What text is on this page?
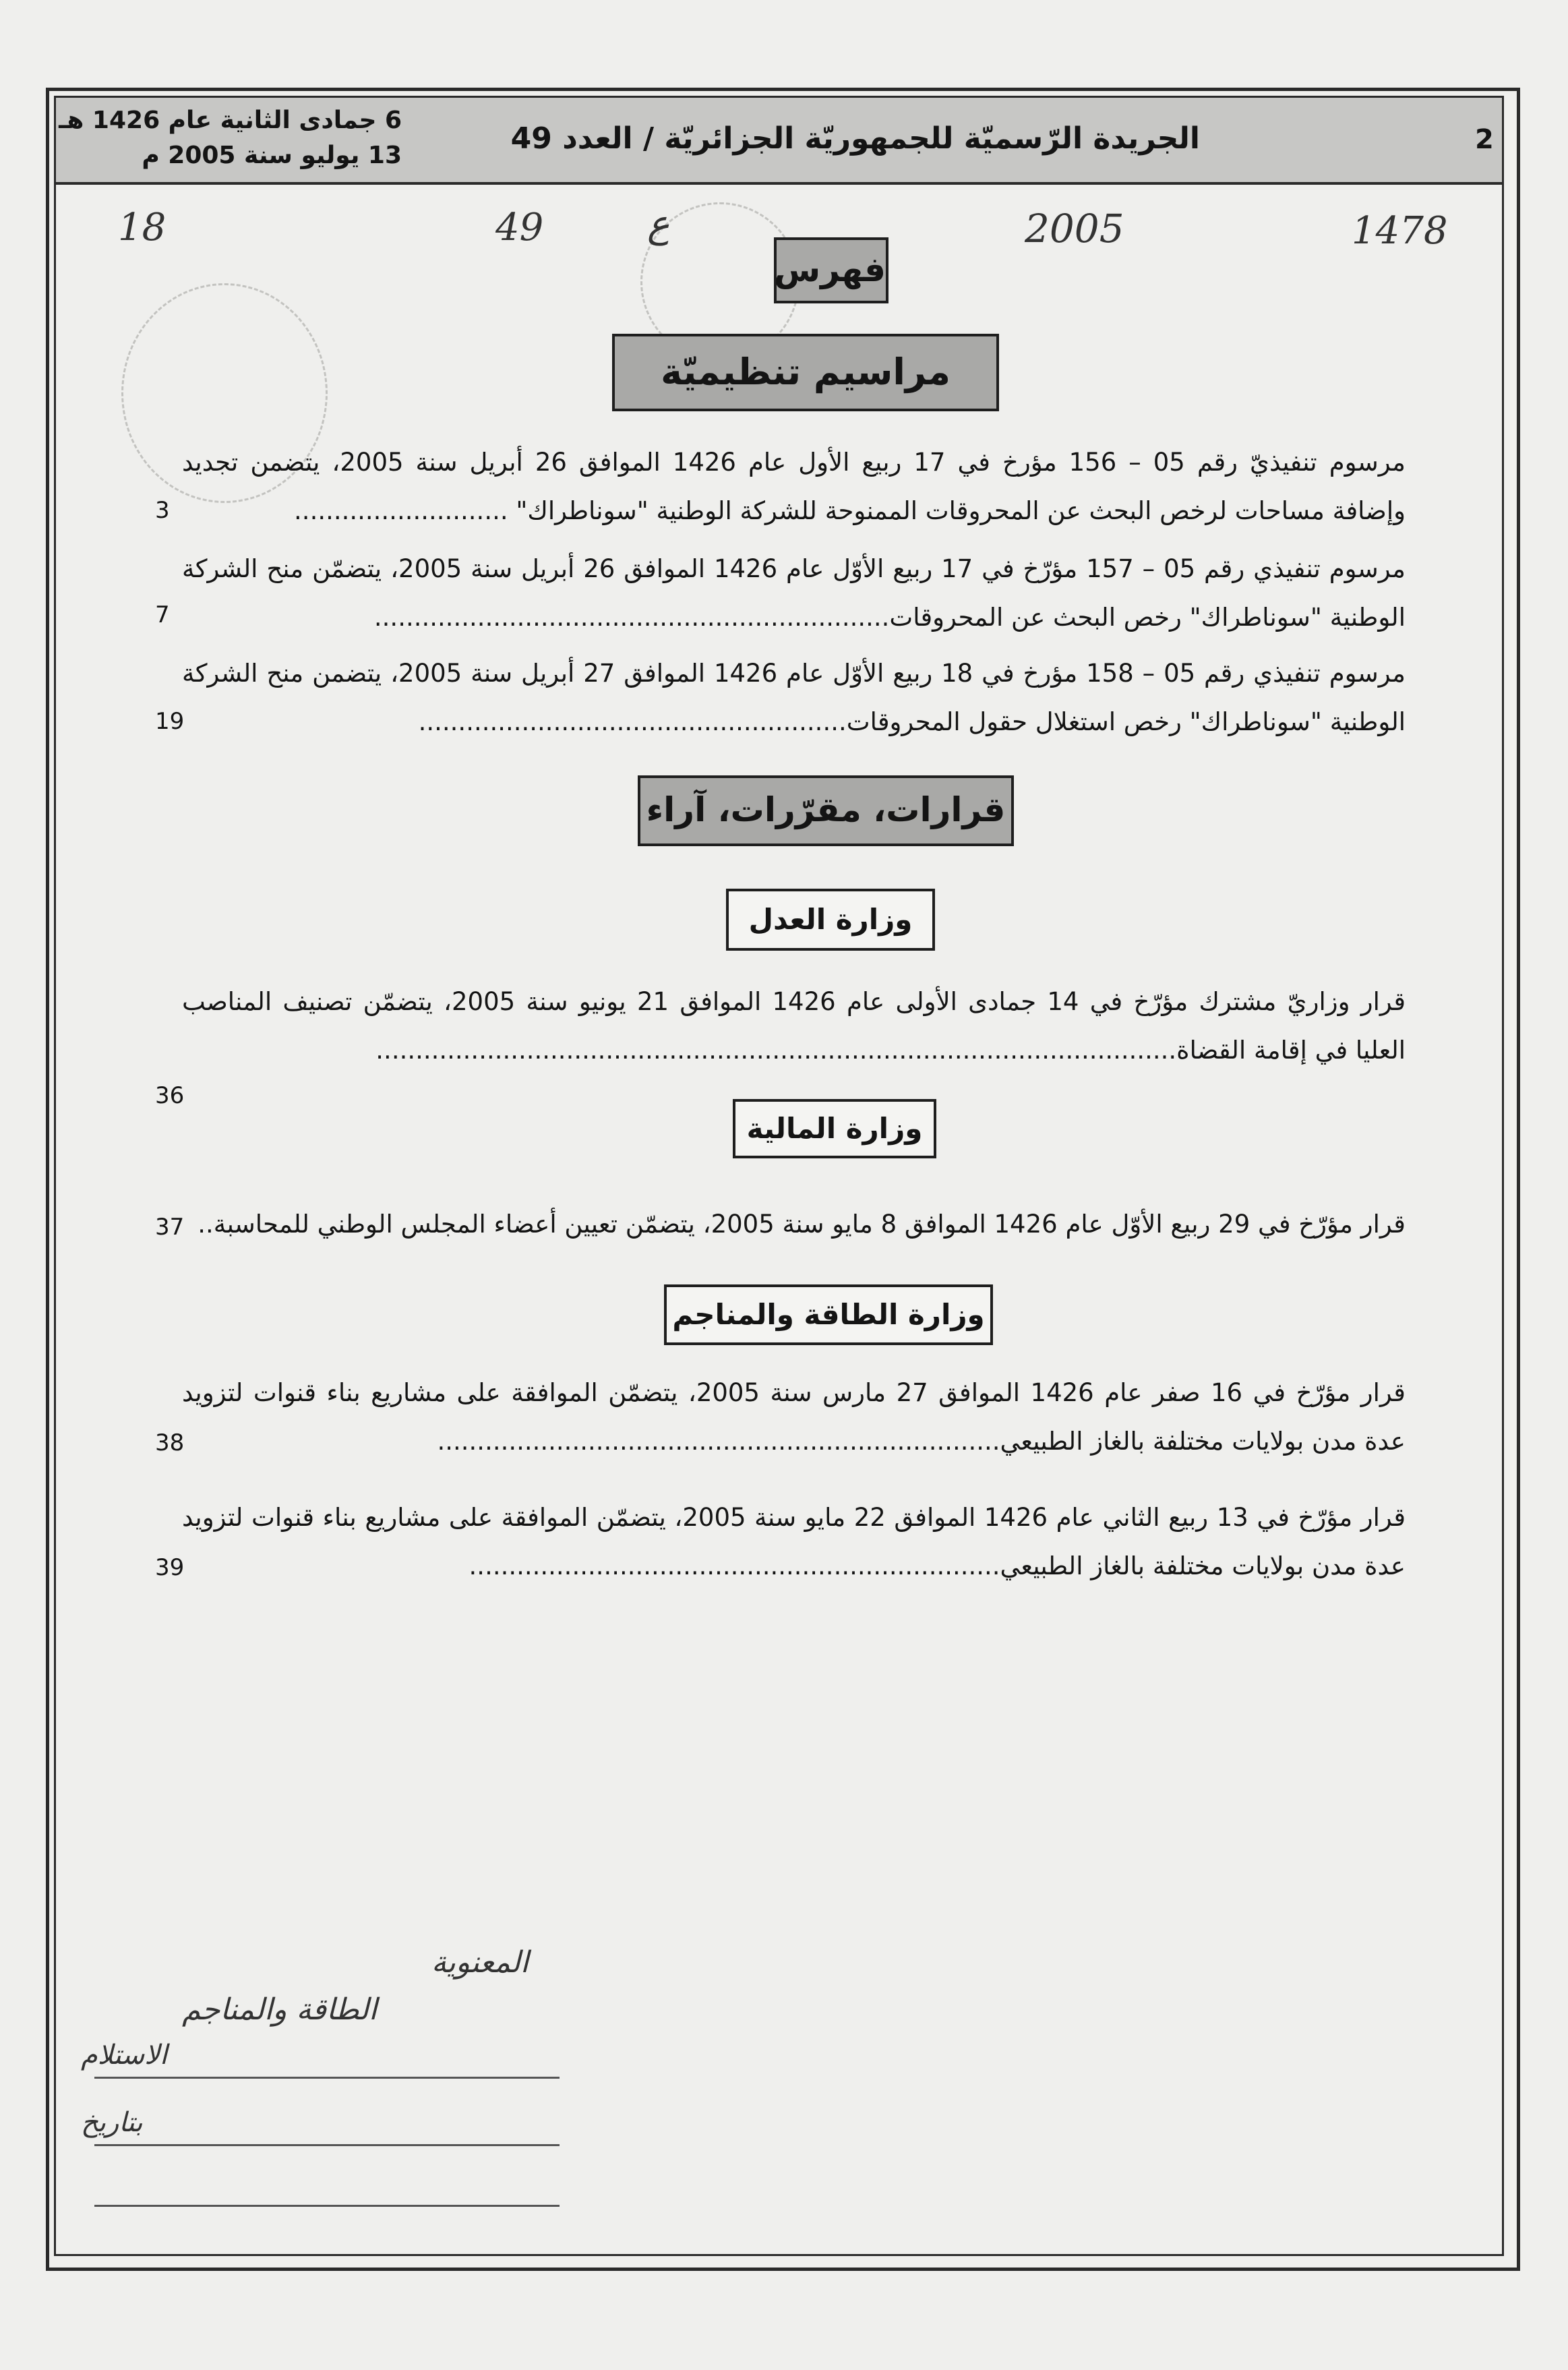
2
الجريدة الرّسميّة للجمهوريّة الجزائريّة / العدد 49
6 جمادى الثانية عام 1426 هـ
13 يوليو سنة 2005 م
1478
2005
ع
49
18
فهرس
مراسيم تنظيميّة
مرسوم تنفيذيّ رقم 05 – 156 مؤرخ في 17 ربيع الأول عام 1426 الموافق 26 أبريل سنة 2005، يتضمن تجديد وإضافة مساحات لرخص البحث عن المحروقات الممنوحة للشركة الوطنية "سوناطراك" ...........................
3
مرسوم تنفيذي رقم 05 – 157 مؤرّخ في 17 ربيع الأوّل عام 1426 الموافق 26 أبريل سنة 2005، يتضمّن منح الشركة الوطنية "سوناطراك" رخص البحث عن المحروقات.................................................................
7
مرسوم تنفيذي رقم 05 – 158 مؤرخ في 18 ربيع الأوّل عام 1426 الموافق 27 أبريل سنة 2005، يتضمن منح الشركة الوطنية "سوناطراك" رخص استغلال حقول المحروقات......................................................
19
قرارات، مقرّرات، آراء
وزارة العدل
قرار وزاريّ مشترك مؤرّخ في 14 جمادى الأولى عام 1426 الموافق 21 يونيو سنة 2005، يتضمّن تصنيف المناصب العليا في إقامة القضاة.....................................................................................................
36
وزارة المالية
قرار مؤرّخ في 29 ربيع الأوّل عام 1426 الموافق 8 مايو سنة 2005، يتضمّن تعيين أعضاء المجلس الوطني للمحاسبة..
37
وزارة الطاقة والمناجم
قرار مؤرّخ في 16 صفر عام 1426 الموافق 27 مارس سنة 2005، يتضمّن الموافقة على مشاريع بناء قنوات لتزويد عدة مدن بولايات مختلفة بالغاز الطبيعي.......................................................................
38
قرار مؤرّخ في 13 ربيع الثاني عام 1426 الموافق 22 مايو سنة 2005، يتضمّن الموافقة على مشاريع بناء قنوات لتزويد عدة مدن بولايات مختلفة بالغاز الطبيعي...................................................................
39
المعنوية
الطاقة والمناجم
الاستلام
بتاريخ
